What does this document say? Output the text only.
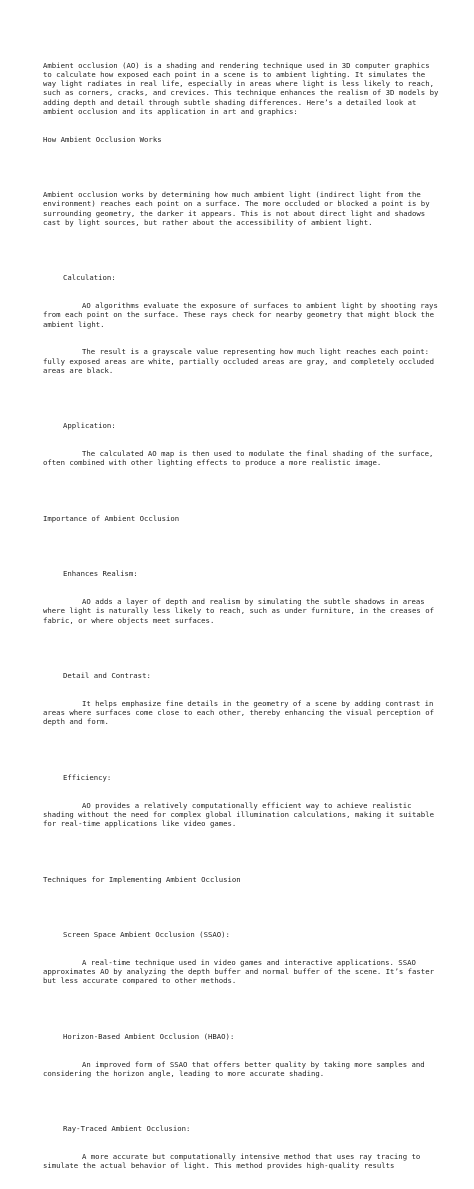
Ambient occlusion (AO) is a shading and rendering technique used in 3D computer graphics to calculate how exposed each point in a scene is to ambient lighting. It simulates the way light radiates in real life, especially in areas where light is less likely to reach, such as corners, cracks, and crevices. This technique enhances the realism of 3D models by adding depth and detail through subtle shading differences. Here’s a detailed look at ambient occlusion and its application in art and graphics:

How Ambient Occlusion Works

Ambient occlusion works by determining how much ambient light (indirect light from the environment) reaches each point on a surface. The more occluded or blocked a point is by surrounding geometry, the darker it appears. This is not about direct light and shadows cast by light sources, but rather about the accessibility of ambient light.

Calculation:

AO algorithms evaluate the exposure of surfaces to ambient light by shooting rays from each point on the surface. These rays check for nearby geometry that might block the ambient light.

The result is a grayscale value representing how much light reaches each point: fully exposed areas are white, partially occluded areas are gray, and completely occluded areas are black.

Application:

The calculated AO map is then used to modulate the final shading of the surface, often combined with other lighting effects to produce a more realistic image.

Importance of Ambient Occlusion

Enhances Realism:

AO adds a layer of depth and realism by simulating the subtle shadows in areas where light is naturally less likely to reach, such as under furniture, in the creases of fabric, or where objects meet surfaces.

Detail and Contrast:

It helps emphasize fine details in the geometry of a scene by adding contrast in areas where surfaces come close to each other, thereby enhancing the visual perception of depth and form.

Efficiency:

AO provides a relatively computationally efficient way to achieve realistic shading without the need for complex global illumination calculations, making it suitable for real-time applications like video games.

Techniques for Implementing Ambient Occlusion

Screen Space Ambient Occlusion (SSAO):

A real-time technique used in video games and interactive applications. SSAO approximates AO by analyzing the depth buffer and normal buffer of the scene. It’s faster but less accurate compared to other methods.

Horizon-Based Ambient Occlusion (HBAO):

An improved form of SSAO that offers better quality by taking more samples and considering the horizon angle, leading to more accurate shading.

Ray-Traced Ambient Occlusion:

A more accurate but computationally intensive method that uses ray tracing to simulate the actual behavior of light. This method provides high-quality results
